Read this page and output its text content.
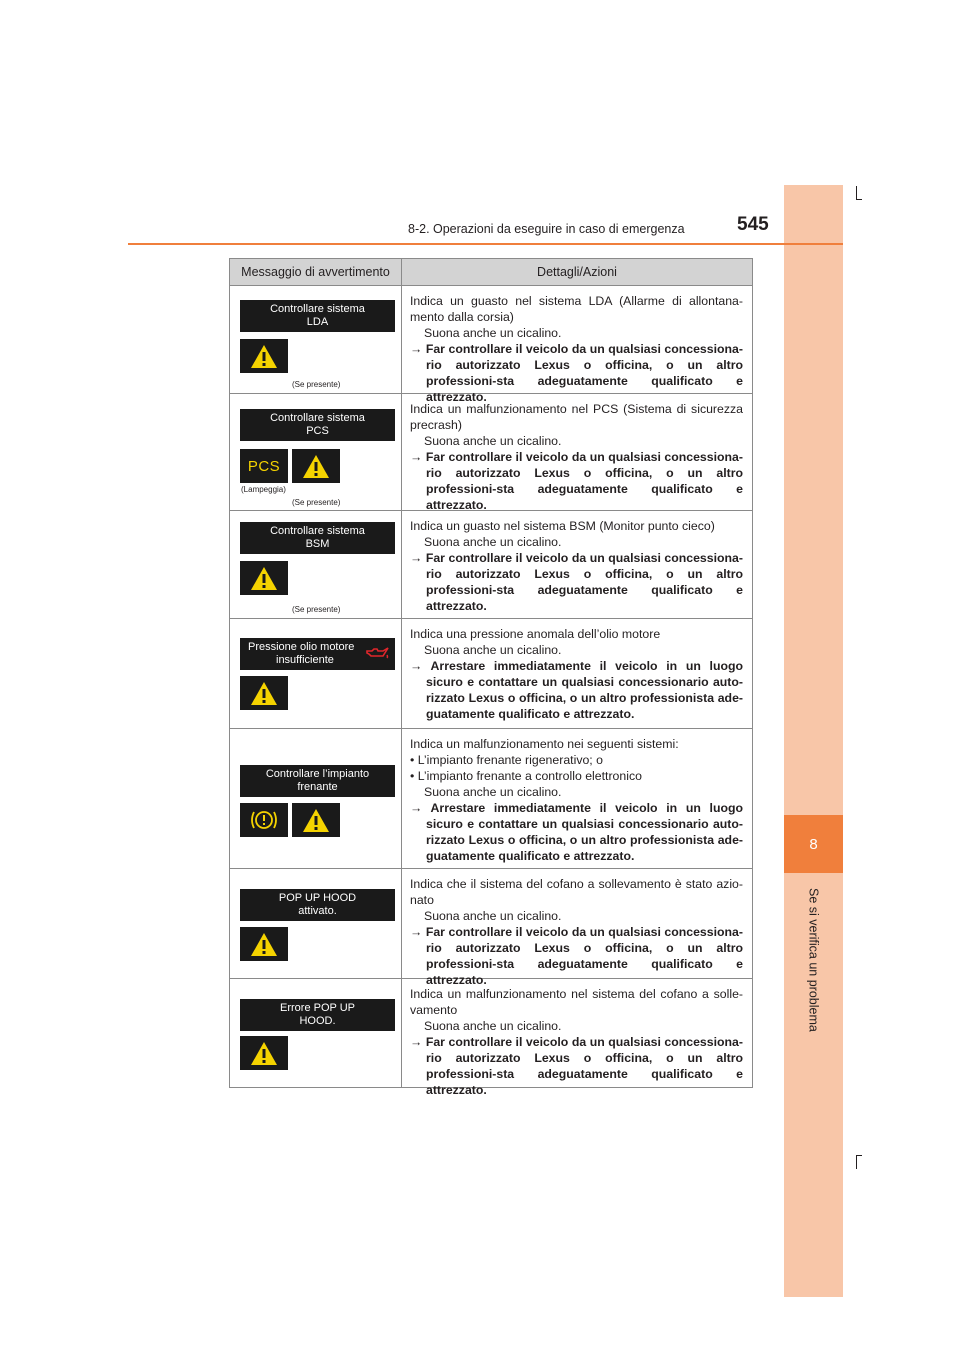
8
Se si verifica un problema
8-2. Operazioni da eseguire in caso di emergenza	545
Messaggio di avvertimento	Dettagli/Azioni
Controllare sistema
LDA
(Se presente)

Indica un guasto nel sistema LDA (Allarme di allontana-mento dalla corsia)

Suona anche un cicalino.

→ Far controllare il veicolo da un qualsiasi concessiona-rio autorizzato Lexus o officina, o un altro professioni-sta adeguatamente qualificato e attrezzato.

Controllare sistema
PCS
PCS
(Lampeggia)
(Se presente)

Indica un malfunzionamento nel PCS (Sistema di sicurezza precrash)

Suona anche un cicalino.

→ Far controllare il veicolo da un qualsiasi concessiona-rio autorizzato Lexus o officina, o un altro professioni-sta adeguatamente qualificato e attrezzato.

Controllare sistema
BSM
(Se presente)

Indica un guasto nel sistema BSM (Monitor punto cieco)

Suona anche un cicalino.

→ Far controllare il veicolo da un qualsiasi concessiona-rio autorizzato Lexus o officina, o un altro professioni-sta adeguatamente qualificato e attrezzato.

Pressione olio motore
insufficiente

Indica una pressione anomala dell’olio motore

Suona anche un cicalino.

→ Arrestare immediatamente il veicolo in un luogo sicuro e contattare un qualsiasi concessionario auto-rizzato Lexus o officina, o un altro professionista ade-guatamente qualificato e attrezzato.

Controllare l’impianto
frenante

Indica un malfunzionamento nei seguenti sistemi:

• L’impianto frenante rigenerativo; o

• L’impianto frenante a controllo elettronico

Suona anche un cicalino.

→ Arrestare immediatamente il veicolo in un luogo sicuro e contattare un qualsiasi concessionario auto-rizzato Lexus o officina, o un altro professionista ade-guatamente qualificato e attrezzato.

POP UP HOOD
attivato.

Indica che il sistema del cofano a sollevamento è stato azio-nato

Suona anche un cicalino.

→ Far controllare il veicolo da un qualsiasi concessiona-rio autorizzato Lexus o officina, o un altro professioni-sta adeguatamente qualificato e attrezzato.

Errore POP UP
HOOD.

Indica un malfunzionamento nel sistema del cofano a solle-vamento

Suona anche un cicalino.

→ Far controllare il veicolo da un qualsiasi concessiona-rio autorizzato Lexus o officina, o un altro professioni-sta adeguatamente qualificato e attrezzato.
